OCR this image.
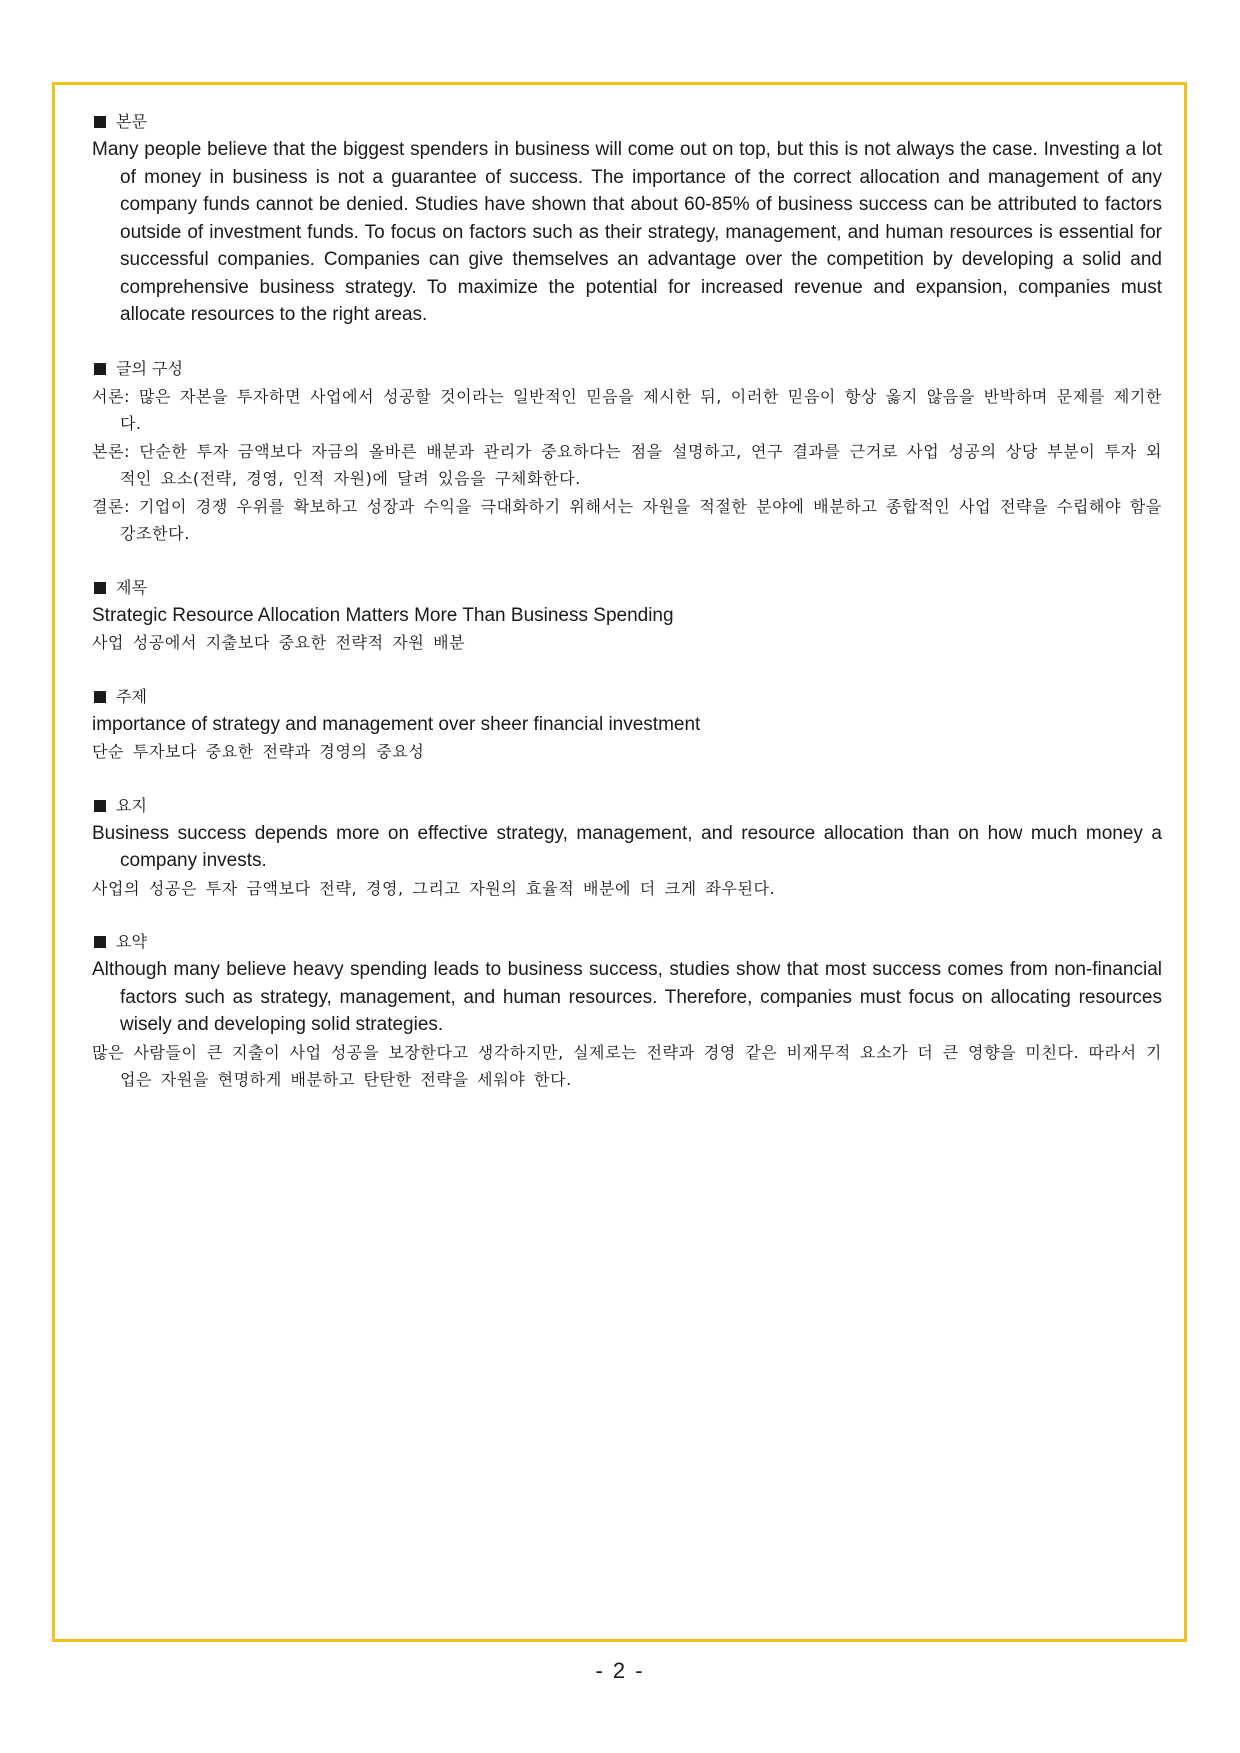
본문

Many people believe that the biggest spenders in business will come out on top, but this is not always the case. Investing a lot of money in business is not a guarantee of success. The importance of the correct allocation and management of any company funds cannot be denied. Studies have shown that about 60-85% of business success can be attributed to factors outside of investment funds. To focus on factors such as their strategy, management, and human resources is essential for successful companies. Companies can give themselves an advantage over the competition by developing a solid and comprehensive business strategy. To maximize the potential for increased revenue and expansion, companies must allocate resources to the right areas.

글의 구성

서론: 많은 자본을 투자하면 사업에서 성공할 것이라는 일반적인 믿음을 제시한 뒤, 이러한 믿음이 항상 옳지 않음을 반박하며 문제를 제기한다.

본론: 단순한 투자 금액보다 자금의 올바른 배분과 관리가 중요하다는 점을 설명하고, 연구 결과를 근거로 사업 성공의 상당 부분이 투자 외적인 요소(전략, 경영, 인적 자원)에 달려 있음을 구체화한다.

결론: 기업이 경쟁 우위를 확보하고 성장과 수익을 극대화하기 위해서는 자원을 적절한 분야에 배분하고 종합적인 사업 전략을 수립해야 함을 강조한다.

제목

Strategic Resource Allocation Matters More Than Business Spending

사업 성공에서 지출보다 중요한 전략적 자원 배분

주제

importance of strategy and management over sheer financial investment

단순 투자보다 중요한 전략과 경영의 중요성

요지

Business success depends more on effective strategy, management, and resource allocation than on how much money a company invests.

사업의 성공은 투자 금액보다 전략, 경영, 그리고 자원의 효율적 배분에 더 크게 좌우된다.

요약

Although many believe heavy spending leads to business success, studies show that most success comes from non-financial factors such as strategy, management, and human resources. Therefore, companies must focus on allocating resources wisely and developing solid strategies.

많은 사람들이 큰 지출이 사업 성공을 보장한다고 생각하지만, 실제로는 전략과 경영 같은 비재무적 요소가 더 큰 영향을 미친다. 따라서 기업은 자원을 현명하게 배분하고 탄탄한 전략을 세워야 한다.

- 2 -
